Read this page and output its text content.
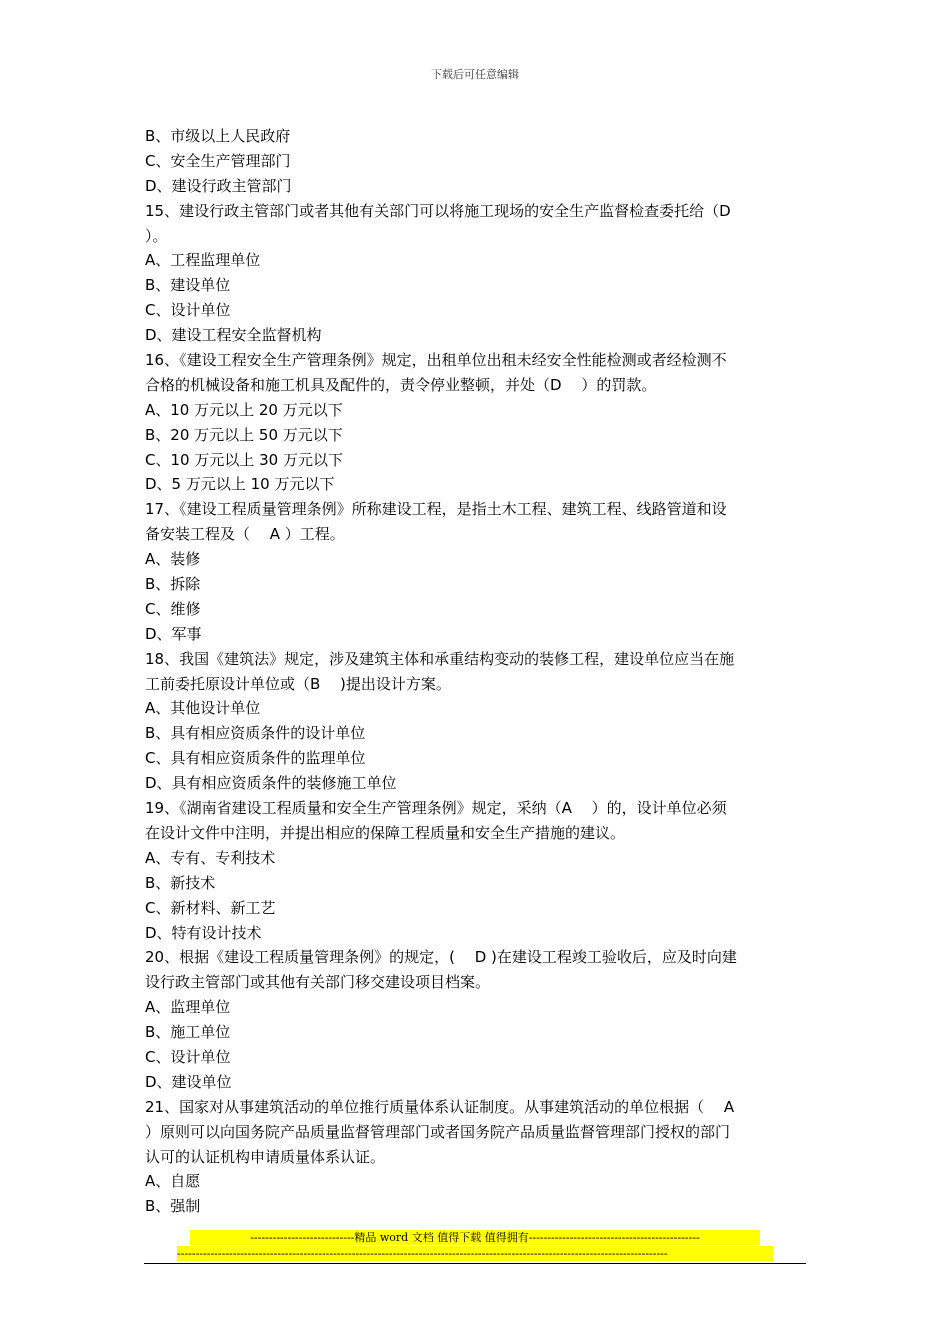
下载后可任意编辑
B、市级以上人民政府
C、安全生产管理部门
D、建设行政主管部门
15、建设行政主管部门或者其他有关部门可以将施工现场的安全生产监督检查委托给（D
）。
A、工程监理单位
B、建设单位
C、设计单位
D、建设工程安全监督机构
16、《建设工程安全生产管理条例》规定，出租单位出租未经安全性能检测或者经检测不
合格的机械设备和施工机具及配件的，责令停业整顿，并处（D　 ）的罚款。
A、10 万元以上 20 万元以下
B、20 万元以上 50 万元以下
C、10 万元以上 30 万元以下
D、5 万元以上 10 万元以下
17、《建设工程质量管理条例》所称建设工程，是指土木工程、建筑工程、线路管道和设
备安装工程及（　 A ）工程。
A、装修
B、拆除
C、维修
D、军事
18、我国《建筑法》规定，涉及建筑主体和承重结构变动的装修工程，建设单位应当在施
工前委托原设计单位或（B　 )提出设计方案。
A、其他设计单位
B、具有相应资质条件的设计单位
C、具有相应资质条件的监理单位
D、具有相应资质条件的装修施工单位
19、《湖南省建设工程质量和安全生产管理条例》规定，采纳（A　 ）的，设计单位必须
在设计文件中注明，并提出相应的保障工程质量和安全生产措施的建议。
A、专有、专利技术
B、新技术
C、新材料、新工艺
D、特有设计技术
20、根据《建设工程质量管理条例》的规定，(　 D )在建设工程竣工验收后，应及时向建
设行政主管部门或其他有关部门移交建设项目档案。
A、监理单位
B、施工单位
C、设计单位
D、建设单位
21、国家对从事建筑活动的单位推行质量体系认证制度。从事建筑活动的单位根据（　 A
）原则可以向国务院产品质量监督管理部门或者国务院产品质量监督管理部门授权的部门
认可的认证机构申请质量体系认证。
A、自愿
B、强制
----------------------------精品 word 文档 值得下载 值得拥有----------------------------------------------
------------------------------------------------------------------------------------------------------------------------------------
